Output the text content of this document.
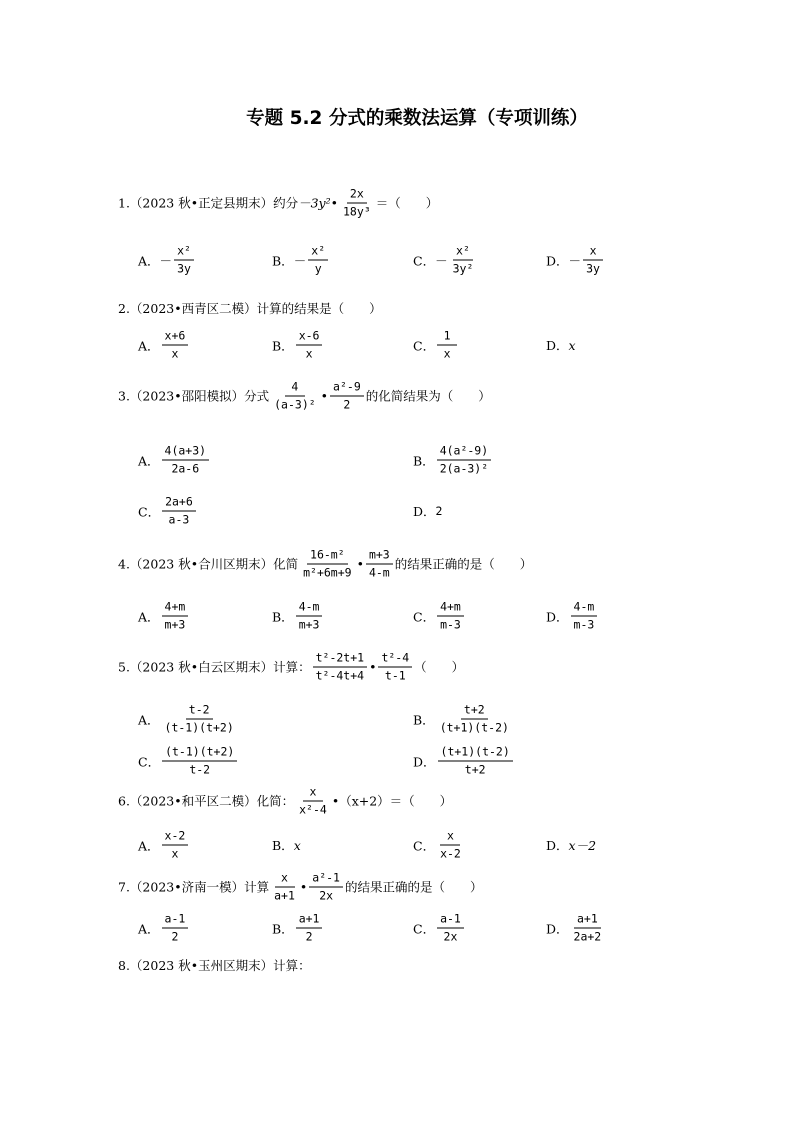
专题 5.2 分式的乘数法运算（专项训练）
1.（2023 秋•正定县期末）约分 －3y²• $\frac{2x}{\text{18y³}}$ ＝（　　）
A． － $\frac{\text{x²}}{3y}$	B． － $\frac{\text{x²}}{y}$	C． － $\frac{\text{x²}}{\text{3y²}}$	D． － $\frac{x}{3y}$
2.（2023•西青区二模）计算的结果是（　　）
A． $\frac{x+6}{x}$	B． $\frac{x-6}{x}$	C． $\frac{1}{x}$	D． x
3.（2023•邵阳模拟）分式 $\frac{4}{\text{(a-3)²}}$ • $\frac{\text{a²-9}}{2}$ 的化简结果为（　　）
A． $\frac{4(a+3)}{2a-6}$	B． $\frac{\text{4(a²-9)}}{\text{2(a-3)²}}$
C． $\frac{2a+6}{a-3}$	D． 2
4.（2023 秋•合川区期末）化简 $\frac{\text{16-m²}}{\text{m²+6m+9}}$ • $\frac{m+3}{4-m}$ 的结果正确的是（　　）
A． $\frac{4+m}{m+3}$	B． $\frac{4-m}{m+3}$	C． $\frac{4+m}{m-3}$	D． $\frac{4-m}{m-3}$
5.（2023 秋•白云区期末）计算： $\frac{\text{t²-2t+1}}{\text{t²-4t+4}}$ • $\frac{\text{t²-4}}{t-1}$ （　　）
A． $\frac{t-2}{(t-1)(t+2)}$	B． $\frac{t+2}{(t+1)(t-2)}$
C． $\frac{(t-1)(t+2)}{t-2}$	D． $\frac{(t+1)(t-2)}{t+2}$
6.（2023•和平区二模）化简： $\frac{x}{\text{x²-4}}$ •（x+2）＝（　　）
A． $\frac{x-2}{x}$	B． x	C． $\frac{x}{x-2}$	D． x－2
7.（2023•济南一模）计算 $\frac{x}{a+1}$ • $\frac{\text{a²-1}}{2x}$ 的结果正确的是（　　）
A． $\frac{a-1}{2}$	B． $\frac{a+1}{2}$	C． $\frac{a-1}{2x}$	D． $\frac{a+1}{2a+2}$
8.（2023 秋•玉州区期末）计算：
